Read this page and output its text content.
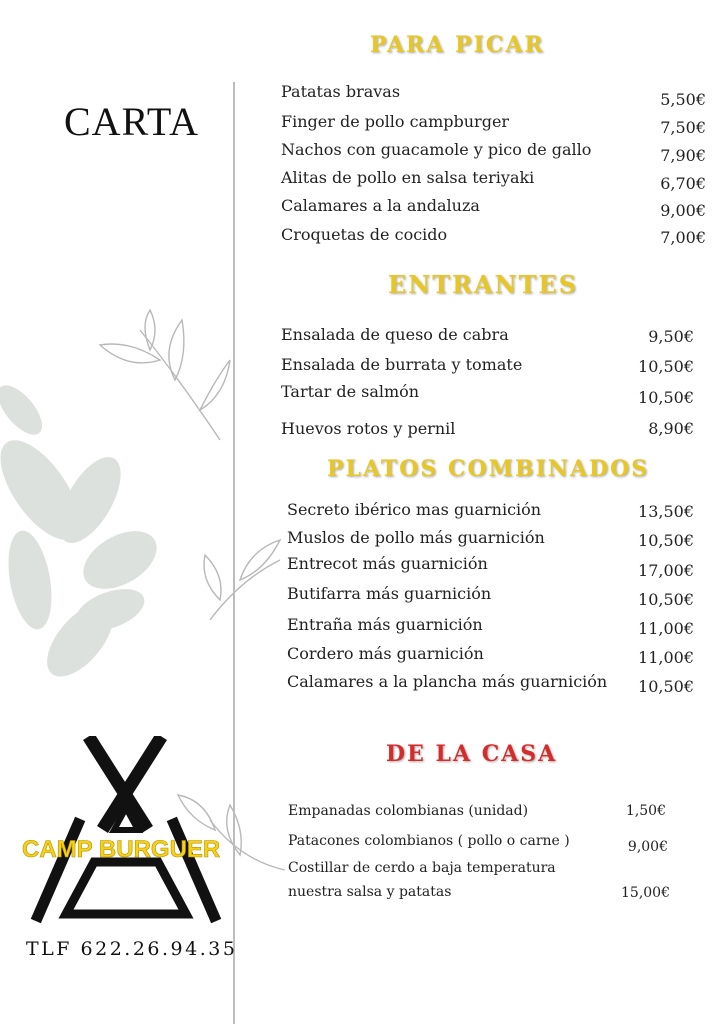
CARTA
PARA PICAR
Patatas bravas	5,50€
Finger de pollo campburger	7,50€
Nachos con guacamole y pico de gallo	7,90€
Alitas de pollo en salsa teriyaki	6,70€
Calamares a la andaluza	9,00€
Croquetas de cocido	7,00€
ENTRANTES
Ensalada de queso de cabra	9,50€
Ensalada de burrata y tomate	10,50€
Tartar de salmón	10,50€
Huevos rotos y pernil	8,90€
PLATOS COMBINADOS
Secreto ibérico mas guarnición	13,50€
Muslos de pollo más guarnición	10,50€
Entrecot más guarnición	17,00€
Butifarra más guarnición	10,50€
Entraña más guarnición	11,00€
Cordero más guarnición	11,00€
Calamares a la plancha más guarnición 10,50€
DE LA CASA
Empanadas colombianas (unidad)	1,50€
Patacones colombianos ( pollo o carne )	9,00€
Costillar de cerdo a baja temperatura
nuestra salsa y patatas	15,00€
CAMP BURGUER
TLF 622.26.94.35
